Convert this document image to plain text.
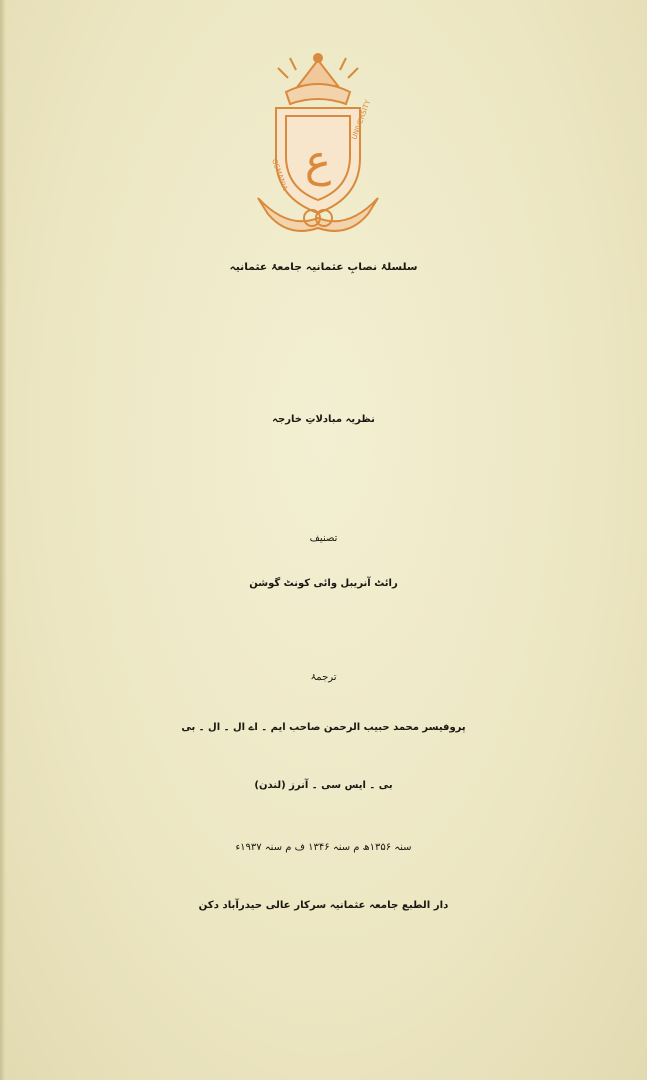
ع
OSMANIA
UNIVERSITY
سلسلۂ نصابِ عثمانیہ جامعۂ عثمانیہ
نظریہ مبادلاتِ خارجہ
تصنیف
رائٹ آنریبل وائی کونٹ گوشن
ترجمۂ
پروفیسر محمد حبیب الرحمن صاحب ایم ۔ اے ال ۔ ال ۔ بی
بی ۔ ایس سی ۔ آنرز (لندن)
سنہ ۱۳۵۶ھ م سنہ ۱۳۴۶ ف م سنہ ۱۹۳۷ء
دار الطبع جامعہ عثمانیہ سرکار عالی حیدرآباد دکن
